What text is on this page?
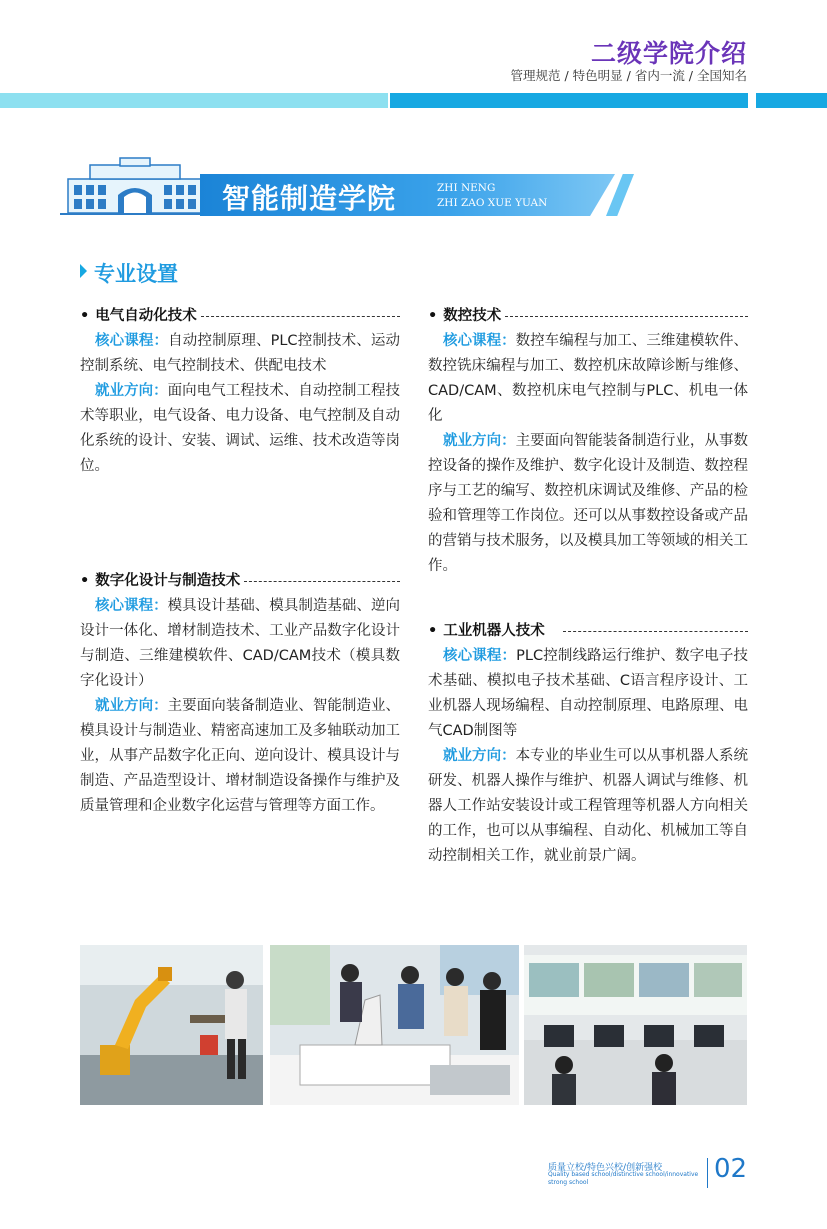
二级学院介绍
管理规范 / 特色明显 / 省内一流 / 全国知名
智能制造学院	ZHI NENG
ZHI ZAO XUE YUAN
专业设置
• 电气自动化技术
核心课程：自动控制原理、PLC控制技术、运动控制系统、电气控制技术、供配电技术
就业方向：面向电气工程技术、自动控制工程技术等职业，电气设备、电力设备、电气控制及自动化系统的设计、安装、调试、运维、技术改造等岗位。
• 数字化设计与制造技术
核心课程：模具设计基础、模具制造基础、逆向设计一体化、增材制造技术、工业产品数字化设计与制造、三维建模软件、CAD/CAM技术（模具数字化设计）
就业方向：主要面向装备制造业、智能制造业、模具设计与制造业、精密高速加工及多轴联动加工业，从事产品数字化正向、逆向设计、模具设计与制造、产品造型设计、增材制造设备操作与维护及质量管理和企业数字化运营与管理等方面工作。
• 数控技术
核心课程：数控车编程与加工、三维建模软件、数控铣床编程与加工、数控机床故障诊断与维修、CAD/CAM、数控机床电气控制与PLC、机电一体化
就业方向：主要面向智能装备制造行业，从事数控设备的操作及维护、数字化设计及制造、数控程序与工艺的编写、数控机床调试及维修、产品的检验和管理等工作岗位。还可以从事数控设备或产品的营销与技术服务，以及模具加工等领域的相关工作。
• 工业机器人技术
核心课程：PLC控制线路运行维护、数字电子技术基础、模拟电子技术基础、C语言程序设计、工业机器人现场编程、自动控制原理、电路原理、电气CAD制图等
就业方向：本专业的毕业生可以从事机器人系统研发、机器人操作与维护、机器人调试与维修、机器人工作站安装设计或工程管理等机器人方向相关的工作，也可以从事编程、自动化、机械加工等自动控制相关工作，就业前景广阔。
质量立校/特色兴校/创新强校
Quality based school/distinctive school/innovative strong school	02
